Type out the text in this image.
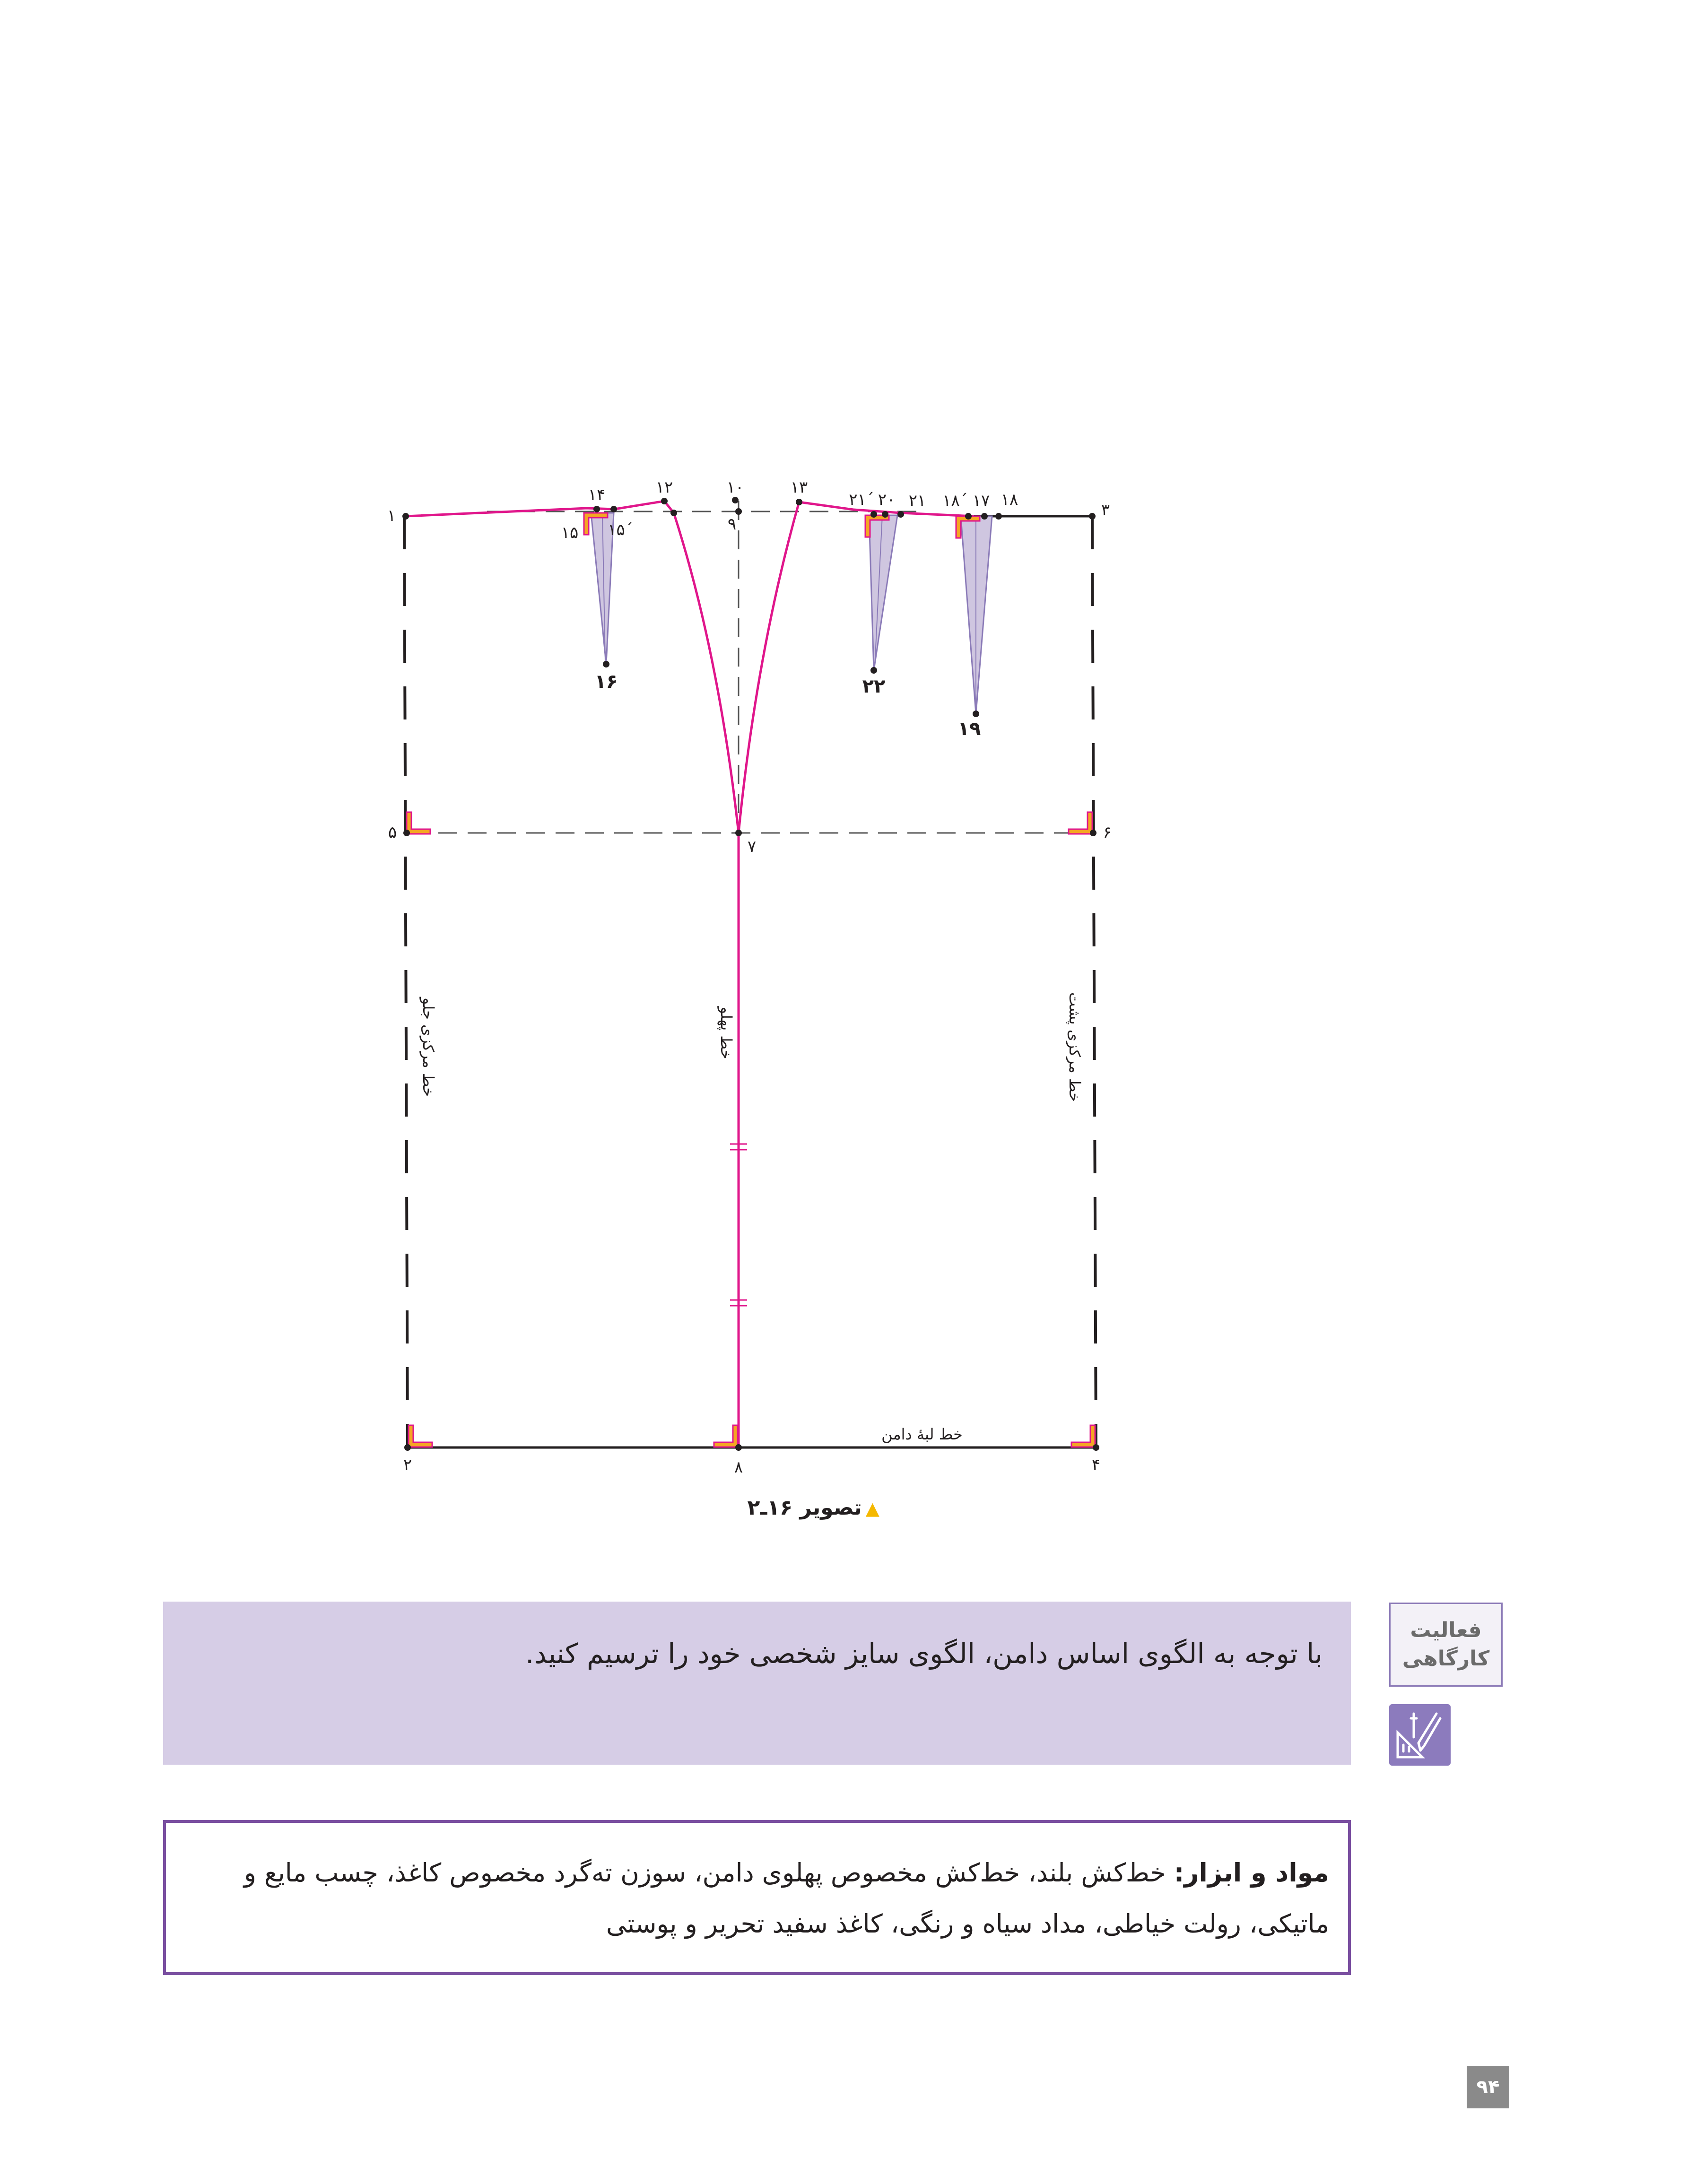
۱
۲
۳
۴
۵	۶
۷
۸
۹
۱۰
۱۲	۱۳
۱۴
۱۵ ۱۵΄
۱۶
۲۱΄ ۲۰ ۲۱
۲۲
۱۸΄ ۱۷ ۱۸
۱۹
خط مرکزی جلو	خط پهلو	خط مرکزی پشت
خط لبهٔ دامن
▲تصویر ۱۶ـ۲
با توجه به الگوی اساس دامن، الگوی سایز شخصی خود را ترسیم کنید.
فعالیت
کارگاهی
مواد و ابزار: خط‌کش بلند، خط‌کش مخصوص پهلوی دامن، سوزن ته‌گرد مخصوص کاغذ، چسب مایع و ماتیکی، رولت خیاطی، مداد سیاه و رنگی، کاغذ سفید تحریر و پوستی
۹۴
